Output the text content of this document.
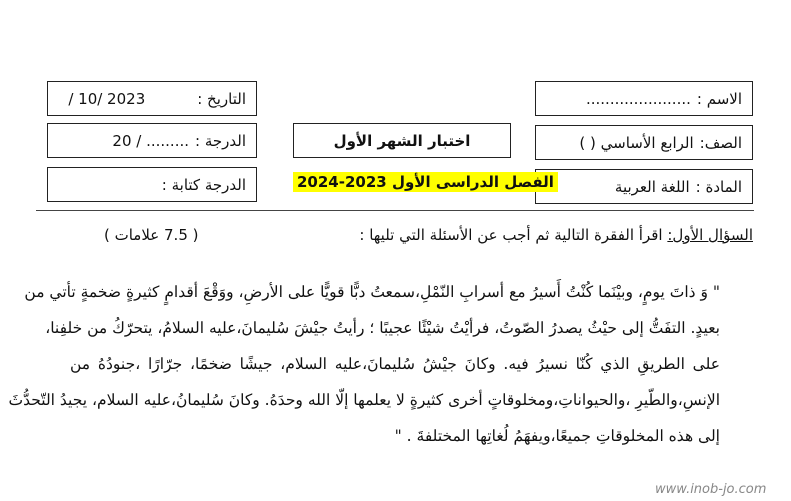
الاسم :
......................
الصف:
الرابع الأساسي ( )
المادة :
اللغة العربية
اختبار الشهر الأول
الفصل الدراسى الأول 2023-2024
التاريخ :
/ 10/ 2023
الدرجة :
20 / .........
الدرجة كتابة :
السؤال الأول: اقرأ الفقرة التالية ثم أجب عن الأسئلة التي تليها :
( 7.5 علامات )
" وَ ذاتَ يومٍ، وبيْنَما كُنْتُ أَسيرُ مع أسرابِ النّمْلِ،سمعتُ دبًّا قويًّا على الأرضِ، ووَقْعَ أقدامٍ كثيرةٍ ضخمةٍ تأتي من
بعيدٍ. التفَتُّ إلى حيْثُ يصدرُ الصّوتُ، فرأيْتُ شيْئًا عجيبًا ؛ رأيتُ جيْشَ سُليمانَ،عليه السلامُ، يتحرّكُ من خلفِنا،
على الطريقِ الذي كُنّا نسيرُ فيه. وكانَ جيْشُ سُليمانَ،عليه السلام، جيشًا ضخمًا، جرّارًا ،جنودُهُ من
الإنسِ،والطّيرِ ،والحيواناتِ،ومخلوقاتٍ أخرى كثيرةٍ لا يعلمها إلّا الله وحدَهُ. وكانَ سُليمانُ،عليه السلام، يجيدُ التّحدُّثَ
إلى هذه المخلوقاتِ جميعًا،ويفهَمُ لُغاتِها المختلفةَ . "
www.inob-jo.com
